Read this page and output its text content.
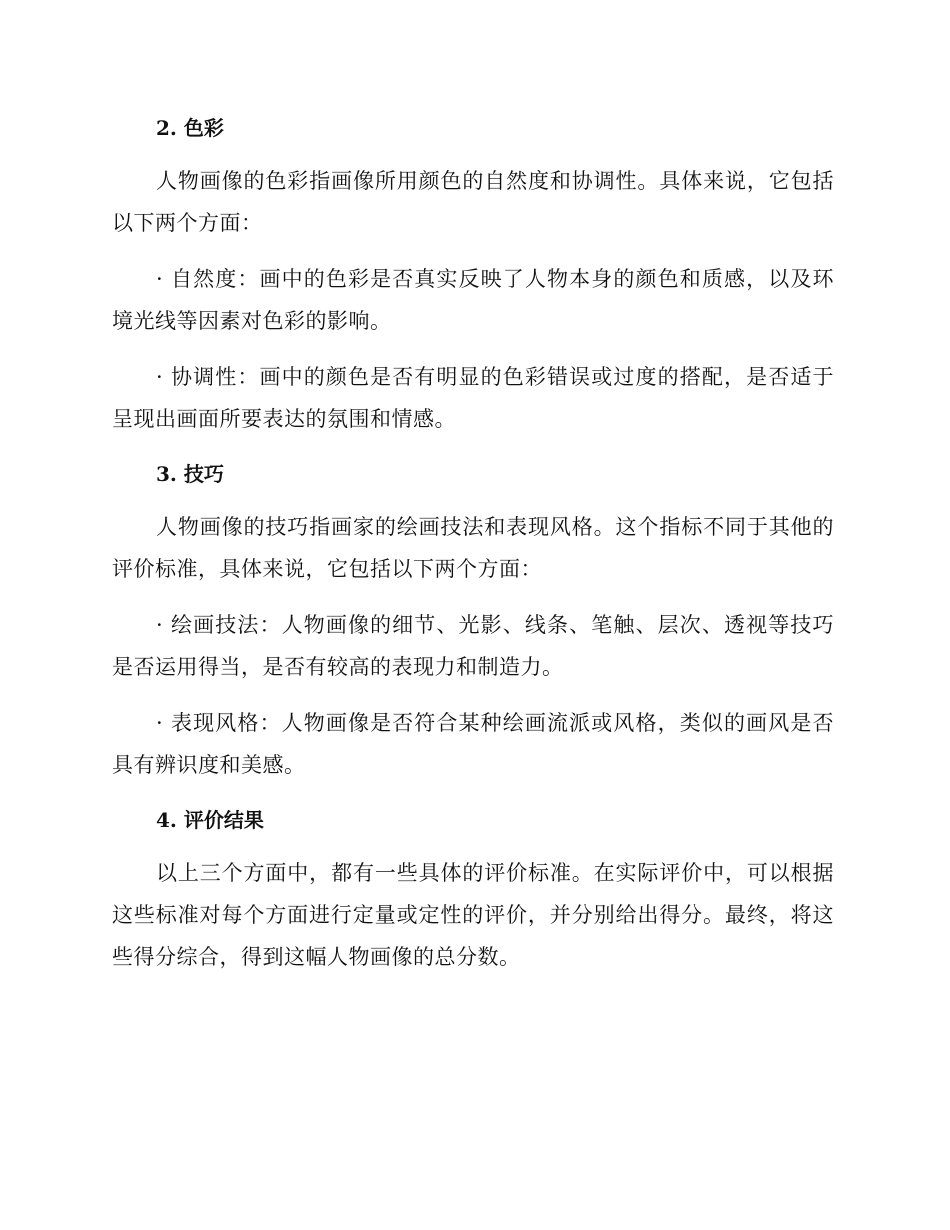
2. 色彩

人物画像的色彩指画像所用颜色的自然度和协调性。具体来说，它包括以下两个方面：

· 自然度：画中的色彩是否真实反映了人物本身的颜色和质感，以及环境光线等因素对色彩的影响。

· 协调性：画中的颜色是否有明显的色彩错误或过度的搭配，是否适于呈现出画面所要表达的氛围和情感。

3. 技巧

人物画像的技巧指画家的绘画技法和表现风格。这个指标不同于其他的评价标准，具体来说，它包括以下两个方面：

· 绘画技法：人物画像的细节、光影、线条、笔触、层次、透视等技巧是否运用得当，是否有较高的表现力和制造力。

· 表现风格：人物画像是否符合某种绘画流派或风格，类似的画风是否具有辨识度和美感。

4. 评价结果

以上三个方面中，都有一些具体的评价标准。在实际评价中，可以根据这些标准对每个方面进行定量或定性的评价，并分别给出得分。最终，将这些得分综合，得到这幅人物画像的总分数。
